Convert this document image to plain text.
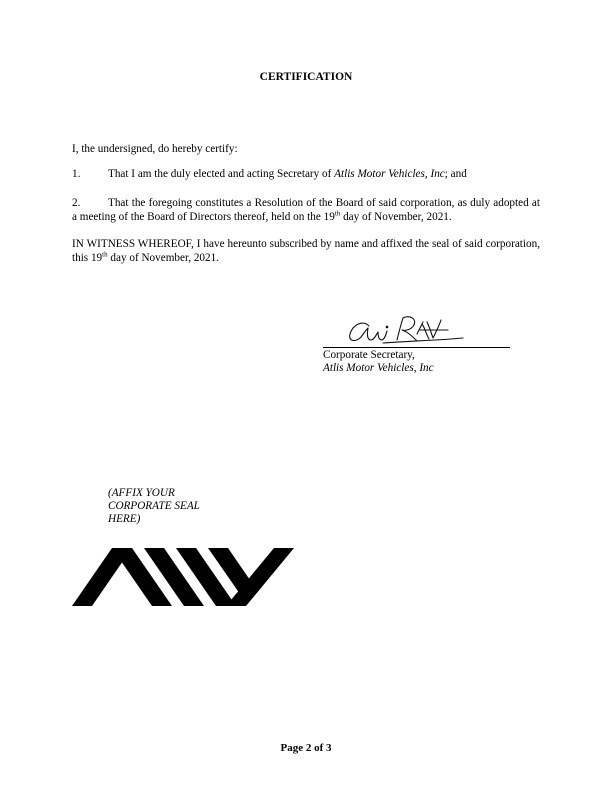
CERTIFICATION
I, the undersigned, do hereby certify:
1. That I am the duly elected and acting Secretary of Atlis Motor Vehicles, Inc; and
2. That the foregoing constitutes a Resolution of the Board of said corporation, as duly adopted at a meeting of the Board of Directors thereof, held on the 19th day of November, 2021.
IN WITNESS WHEREOF, I have hereunto subscribed by name and affixed the seal of said corporation, this 19th day of November, 2021.
Corporate Secretary,
Atlis Motor Vehicles, Inc
(AFFIX YOUR
CORPORATE SEAL
HERE)
Page 2 of 3
